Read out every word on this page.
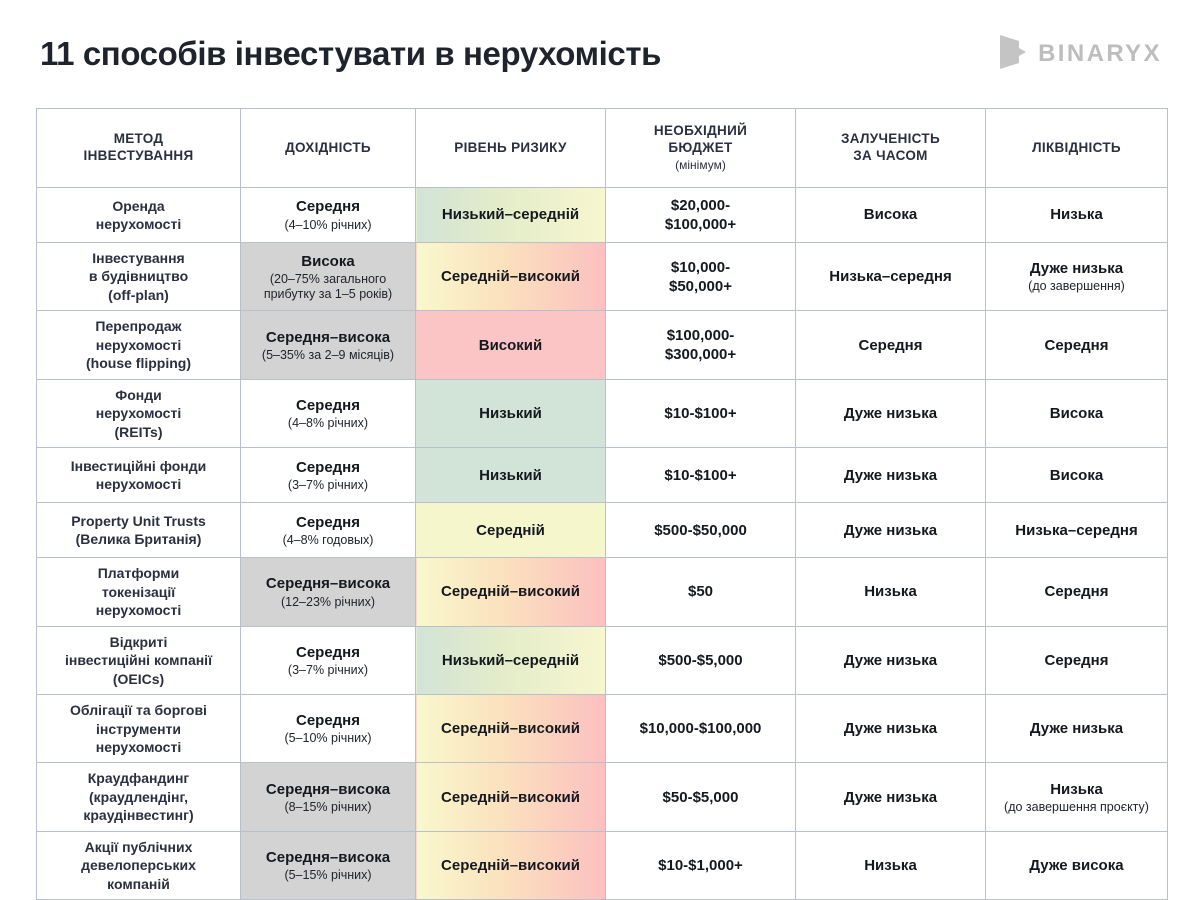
11 способів інвестувати в нерухомість	BINARYX
МЕТОД
ІНВЕСТУВАННЯ	ДОХІДНІСТЬ	РІВЕНЬ РИЗИКУ	НЕОБХІДНИЙ
БЮДЖЕТ
(мінімум)	ЗАЛУЧЕНІСТЬ
ЗА ЧАСОМ	ЛІКВІДНІСТЬ
Оренда
нерухомості	Середня
(4–10% річних)	Низький–середній	$20,000-
$100,000+	Висока	Низька
Інвестування
в будівництво
(off-plan)	Висока
(20–75% загального
прибутку за 1–5 років)	Середній–високий	$10,000-
$50,000+	Низька–середня	Дуже низька
(до завершення)

Перепродаж
нерухомості
(house flipping)	Середня–висока
(5–35% за 2–9 місяців)	Високий	$100,000-
$300,000+	Середня	Середня
Фонди
нерухомості
(REITs)	Середня
(4–8% річних)	Низький	$10-$100+	Дуже низька	Висока
Інвестиційні фонди
нерухомості	Середня
(3–7% річних)	Низький	$10-$100+	Дуже низька	Висока
Property Unit Trusts
(Велика Британія)	Середня
(4–8% годовых)	Середній	$500-$50,000	Дуже низька	Низька–середня
Платформи
токенізації
нерухомості	Середня–висока
(12–23% річних)	Середній–високий	$50	Низька	Середня
Відкриті
інвестиційні компанії
(OEICs)	Середня
(3–7% річних)	Низький–середній	$500-$5,000	Дуже низька	Середня
Облігації та боргові
інструменти
нерухомості	Середня
(5–10% річних)	Середній–високий	$10,000-$100,000	Дуже низька	Дуже низька
Краудфандинг
(краудлендінг,
краудінвестинг)	Середня–висока
(8–15% річних)	Середній–високий	$50-$5,000	Дуже низька	Низька
(до завершення проєкту)

Акції публічних
девелоперських
компаній	Середня–висока
(5–15% річних)	Середній–високий	$10-$1,000+	Низька	Дуже висока
